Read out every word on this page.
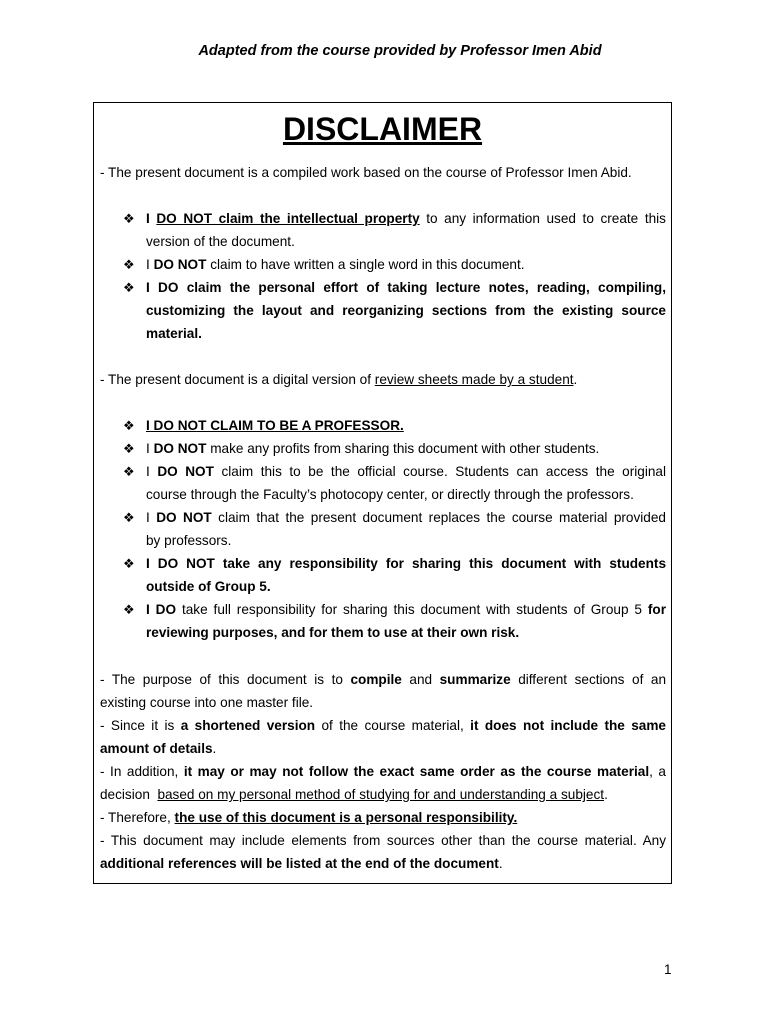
Adapted from the course provided by Professor Imen Abid
DISCLAIMER
- The present document is a compiled work based on the course of Professor Imen Abid.
❖ I DO NOT claim the intellectual property to any information used to create this
version of the document.
❖ I DO NOT claim to have written a single word in this document.
❖ I DO claim the personal effort of taking lecture notes, reading, compiling,
customizing the layout and reorganizing sections from the existing source
material.
- The present document is a digital version of review sheets made by a student.
❖ I DO NOT CLAIM TO BE A PROFESSOR.
❖ I DO NOT make any profits from sharing this document with other students.
❖ I DO NOT claim this to be the official course. Students can access the original
course through the Faculty’s photocopy center, or directly through the professors.
❖ I DO NOT claim that the present document replaces the course material provided
by professors.
❖ I DO NOT take any responsibility for sharing this document with students
outside of Group 5.
❖ I DO take full responsibility for sharing this document with students of Group 5 for
reviewing purposes, and for them to use at their own risk.
- The purpose of this document is to compile and summarize different sections of an
existing course into one master file.
- Since it is a shortened version of the course material, it does not include the same
amount of details.
- In addition, it may or may not follow the exact same order as the course material, a
decision  based on my personal method of studying for and understanding a subject.
- Therefore, the use of this document is a personal responsibility.
- This document may include elements from sources other than the course material. Any
additional references will be listed at the end of the document.
1
